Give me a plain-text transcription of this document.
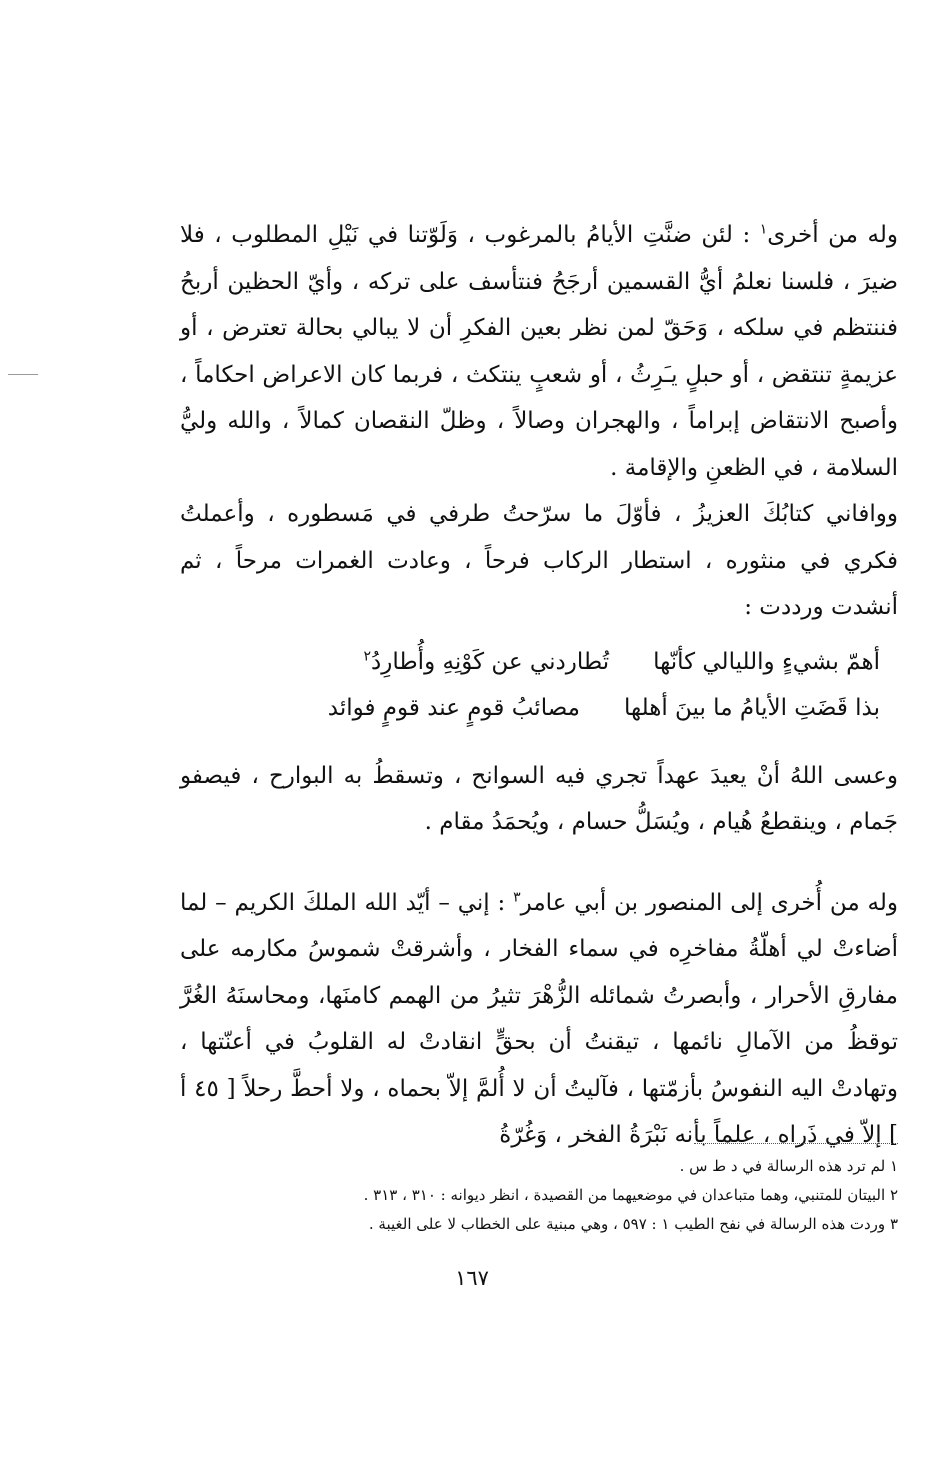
وله من أخرى$^١$ : لئن ضنَّتِ الأيامُ بالمرغوب ، وَلَوّتنا في نَيْلِ المطلوب ، فلا ضيرَ ، فلسنا نعلمُ أيُّ القسمين أرجَحُ فنتأسف على تركه ، وأيّ الحظين أربحُ فننتظم في سلكه ، وَحَقّ لمن نظر بعين الفكرِ أن لا يبالي بحالة تعترض ، أو عزيمةٍ تنتقض ، أو حبلٍ يـَرِثُ ، أو شعبٍ ينتكث ، فربما كان الاعراض احكاماً ، وأصبح الانتقاض إبراماً ، والهجران وصالاً ، وظلّ النقصان كمالاً ، والله وليُّ السلامة ، في الظعنِ والإقامة .

ووافاني كتابُكَ العزيزُ ، فأوّلَ ما سرّحتُ طرفي في مَسطوره ، وأعملتُ فكري في منثوره ، استطار الركاب فرحاً ، وعادت الغمرات مرحاً ، ثم أنشدت ورددت :

أهمّ بشيءٍ والليالي كأنّها
تُطاردني عن كَوْنِهِ وأُطارِدُ$^٢$
بذا قَضَتِ الأيامُ ما بينَ أهلها
مصائبُ قومٍ عند قومٍ فوائد

وعسى اللهُ أنْ يعيدَ عهداً تجري فيه السوانح ، وتسقطُ به البوارح ، فيصفو جَمام ، وينقطعُ هُيام ، ويُسَلُّ حسام ، ويُحمَدُ مقام .

وله من أُخرى إلى المنصور بن أبي عامر$^٣$ : إني – أيّد الله الملكَ الكريم – لما أضاءتْ لي أهلّةُ مفاخرِه في سماء الفخار ، وأشرقتْ شموسُ مكارمه على مفارقِ الأحرار ، وأبصرتُ شمائله الزُّهْرَ تثيرُ من الهمم كامنَها، ومحاسنَهُ الغُرَّ توقظُ من الآمالِ نائمها ، تيقنتُ أن بحقٍّ انقادتْ له القلوبُ في أعنّتها ، وتهادتْ اليه النفوسُ بأزمّتها ، فآليتُ أن لا أُلمَّ إلاّ بحماه ، ولا أحطَّ رحلاً [ ٤٥ أ ] إلاّ في ذَراه ، علماً بأنه نَبْرَةُ الفخر ، وَغُرّةُ

١ لم ترد هذه الرسالة في د ط س .
٢ البيتان للمتنبي، وهما متباعدان في موضعيهما من القصيدة ، انظر ديوانه : ٣١٠ ، ٣١٣ .
٣ وردت هذه الرسالة في نفح الطيب ١ : ٥٩٧ ، وهي مبنية على الخطاب لا على الغيبة .
١٦٧
